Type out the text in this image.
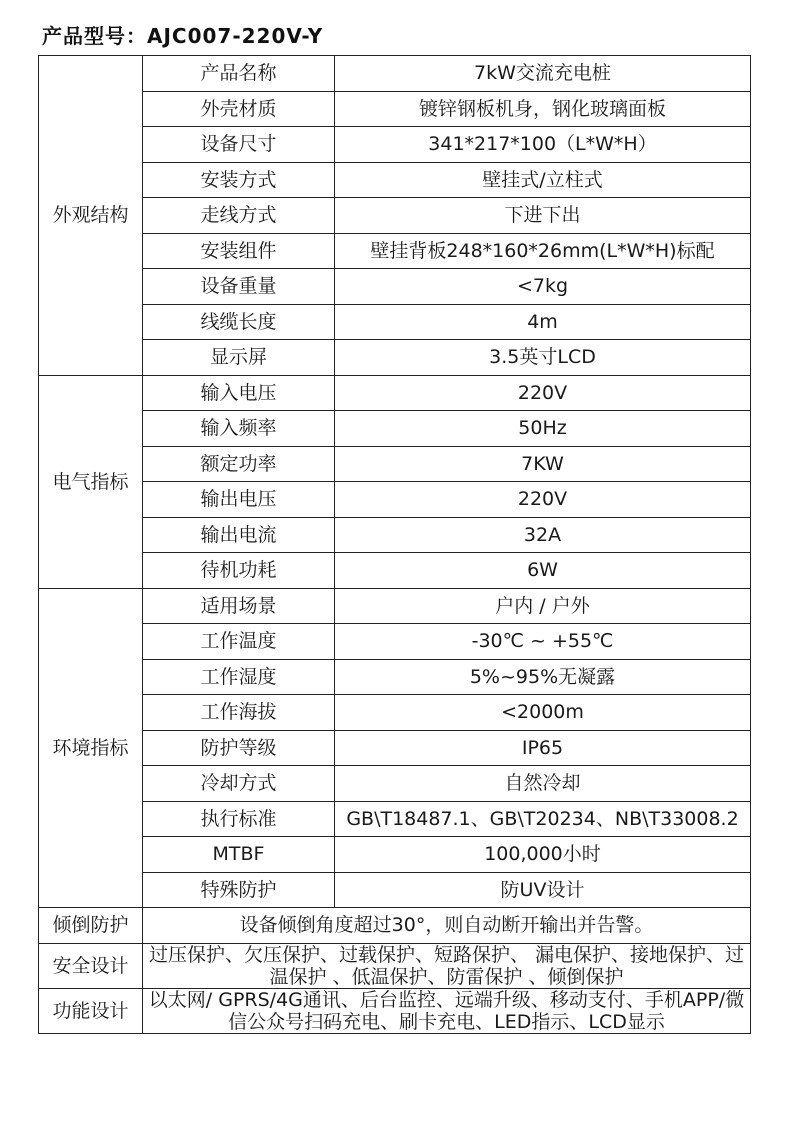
产品型号：AJC007-220V-Y
外观结构	产品名称	7kW交流充电桩
	外壳材质	镀锌钢板机身，钢化玻璃面板
	设备尺寸	341*217*100（L*W*H）
	安装方式	壁挂式/立柱式
	走线方式	下进下出
	安装组件	壁挂背板248*160*26mm(L*W*H)标配
	设备重量	<7kg
	线缆长度	4m
	显示屏	3.5英寸LCD
电气指标	输入电压	220V
	输入频率	50Hz
	额定功率	7KW
	输出电压	220V
	输出电流	32A
	待机功耗	6W
环境指标	适用场景	户内 / 户外
	工作温度	-30℃ ~ +55℃
	工作湿度	5%~95%无凝露
	工作海拔	<2000m
	防护等级	IP65
	冷却方式	自然冷却
	执行标准	GB\T18487.1、GB\T20234、NB\T33008.2
	MTBF	100,000小时
	特殊防护	防UV设计
倾倒防护	设备倾倒角度超过30°，则自动断开输出并告警。	
安全设计	过压保护、欠压保护、过载保护、短路保护、 漏电保护、接地保护、过温保护 、低温保护、防雷保护 、倾倒保护	
功能设计	以太网/ GPRS/4G通讯、后台监控、远端升级、移动支付、手机APP/微信公众号扫码充电、刷卡充电、LED指示、LCD显示	
